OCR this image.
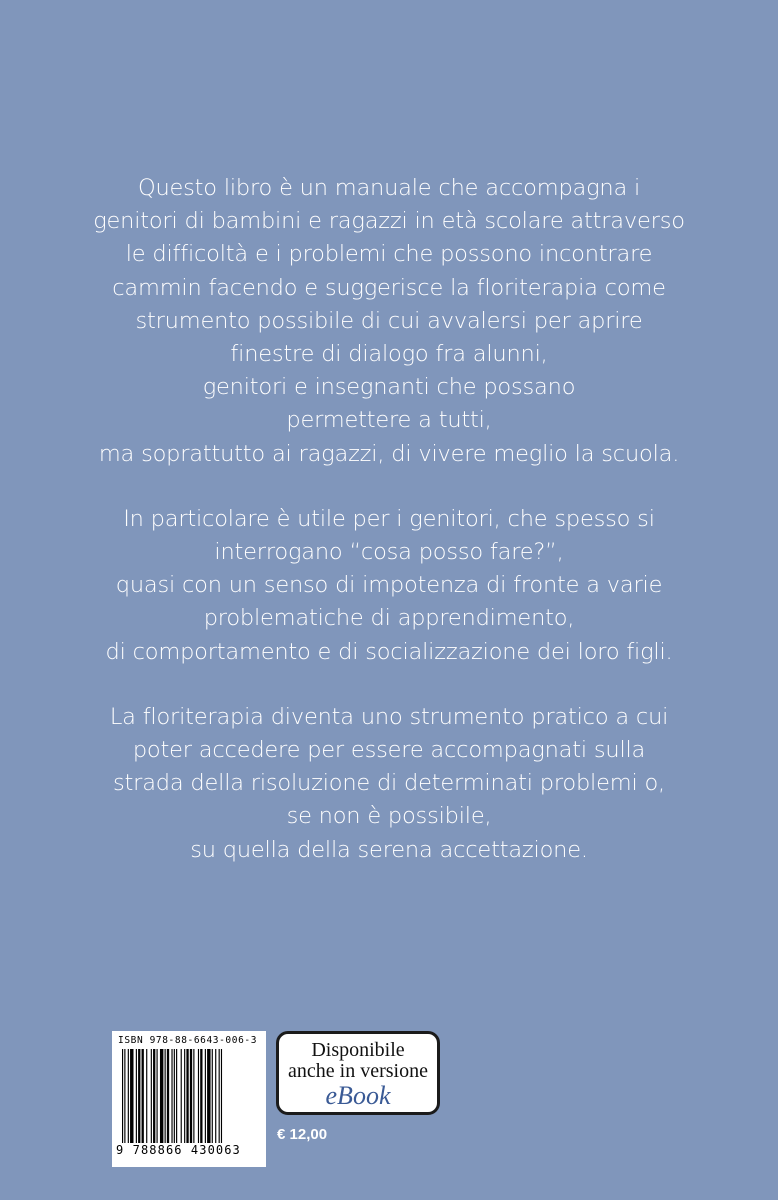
Questo libro è un manuale che accompagna i
genitori di bambini e ragazzi in età scolare attraverso
le difficoltà e i problemi che possono incontrare
cammin facendo e suggerisce la floriterapia come
strumento possibile di cui avvalersi per aprire
finestre di dialogo fra alunni,
genitori e insegnanti che possano
permettere a tutti,
ma soprattutto ai ragazzi, di vivere meglio la scuola.

In particolare è utile per i genitori, che spesso si
interrogano “cosa posso fare?”,
quasi con un senso di impotenza di fronte a varie
problematiche di apprendimento,
di comportamento e di socializzazione dei loro figli.

La floriterapia diventa uno strumento pratico a cui
poter accedere per essere accompagnati sulla
strada della risoluzione di determinati problemi o,
se non è possibile,
su quella della serena accettazione.

ISBN 978-88-6643-006-3
9 788866 430063
Disponibile
anche in versione
eBook
€ 12,00
